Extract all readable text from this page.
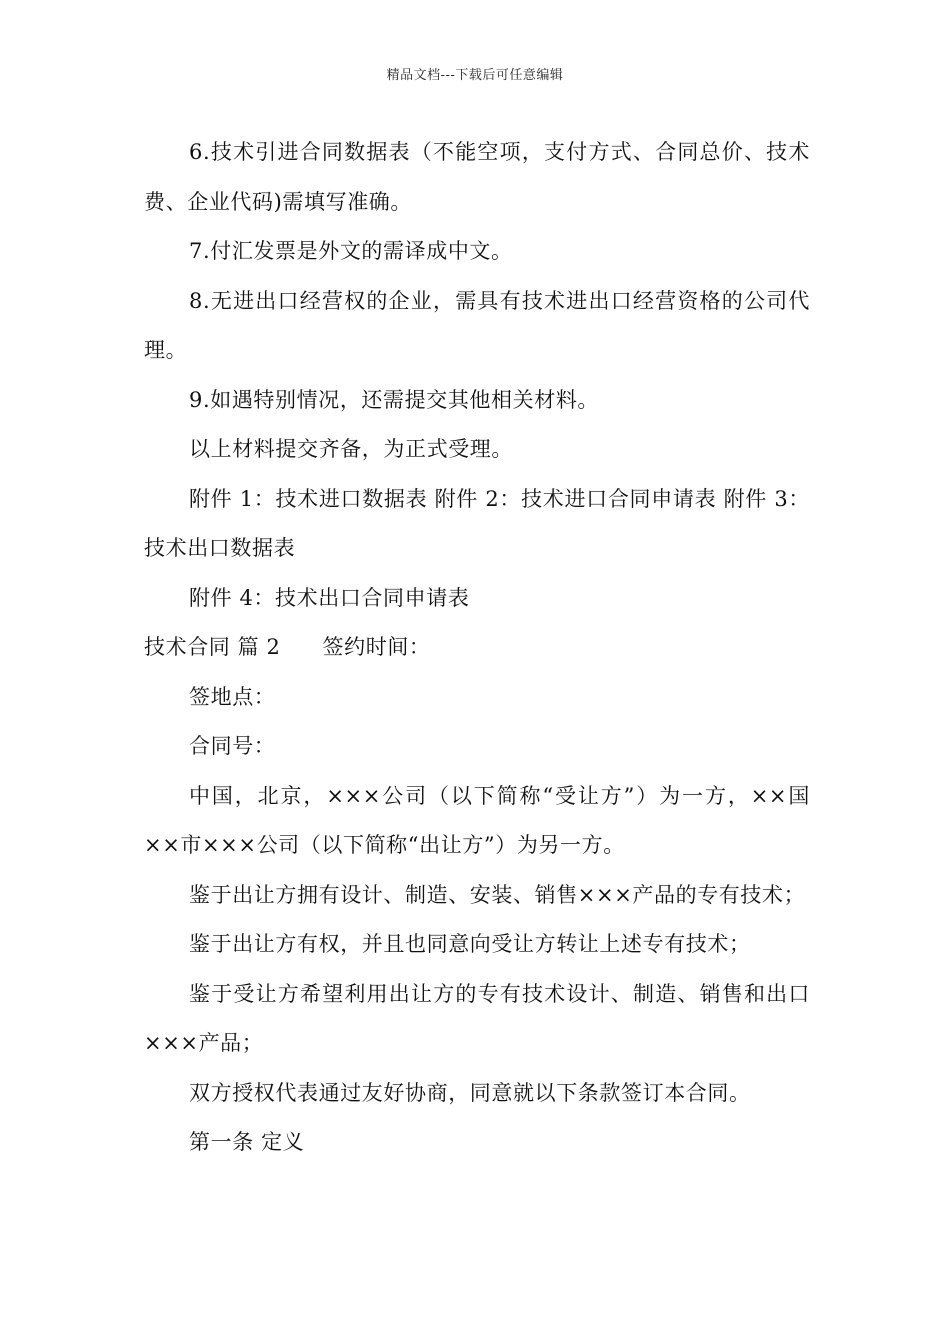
精品文档---下载后可任意编辑

6.技术引进合同数据表（不能空项，支付方式、合同总价、技术费、企业代码)需填写准确。

7.付汇发票是外文的需译成中文。

8.无进出口经营权的企业，需具有技术进出口经营资格的公司代理。

9.如遇特别情况，还需提交其他相关材料。

以上材料提交齐备，为正式受理。

附件 1：技术进口数据表 附件 2：技术进口合同申请表 附件 3：技术出口数据表

附件 4：技术出口合同申请表

技术合同 篇 2 签约时间：

签地点：

合同号：

中国，北京，×××公司（以下简称“受让方”）为一方，××国××市×××公司（以下简称“出让方”）为另一方。

鉴于出让方拥有设计、制造、安装、销售×××产品的专有技术；

鉴于出让方有权，并且也同意向受让方转让上述专有技术；

鉴于受让方希望利用出让方的专有技术设计、制造、销售和出口×××产品；

双方授权代表通过友好协商，同意就以下条款签订本合同。

第一条 定义
